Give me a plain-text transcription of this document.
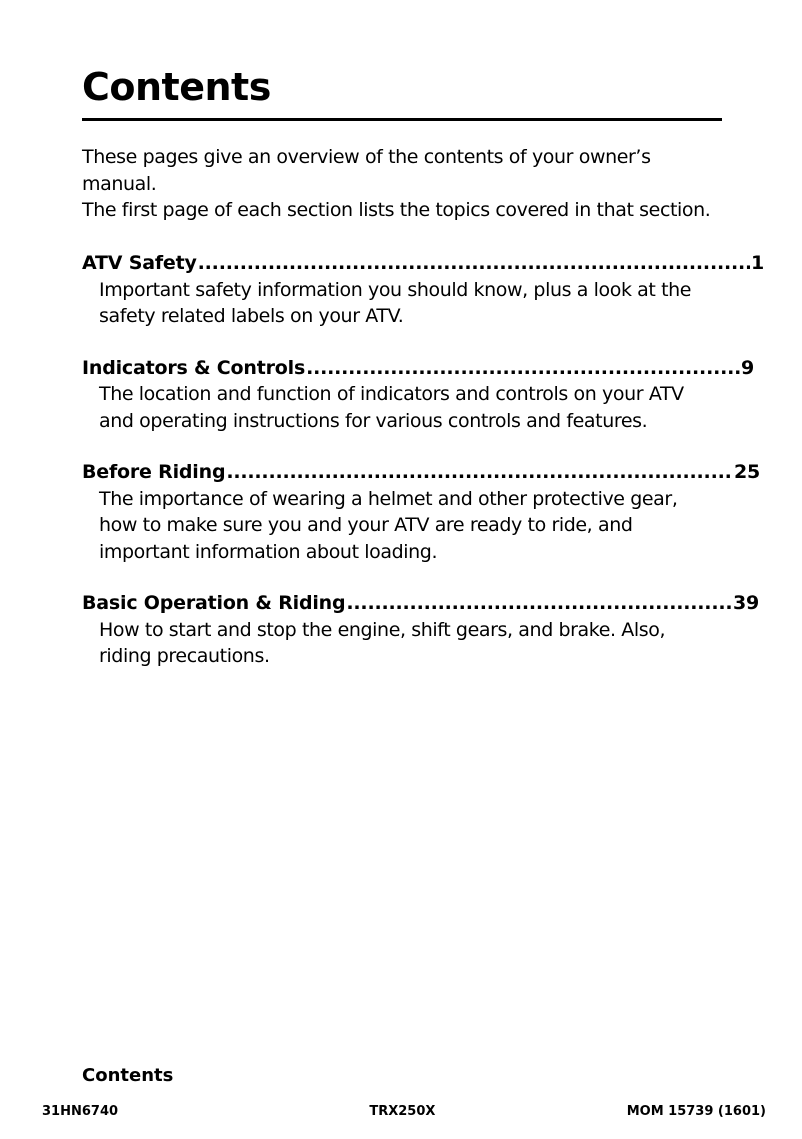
Contents

These pages give an overview of the contents of your owner’s manual.

The first page of each section lists the topics covered in that section.

ATV Safety .....	1
Important safety information you should know, plus a look at the safety related labels on your ATV.
Indicators & Controls .....	9
The location and function of indicators and controls on your ATV and operating instructions for various controls and features.
Before Riding .....	25
The importance of wearing a helmet and other protective gear, how to make sure you and your ATV are ready to ride, and important information about loading.
Basic Operation & Riding .....	39
How to start and stop the engine, shift gears, and brake. Also, riding precautions.
Contents
31HN6740	TRX250X	MOM 15739 (1601)
